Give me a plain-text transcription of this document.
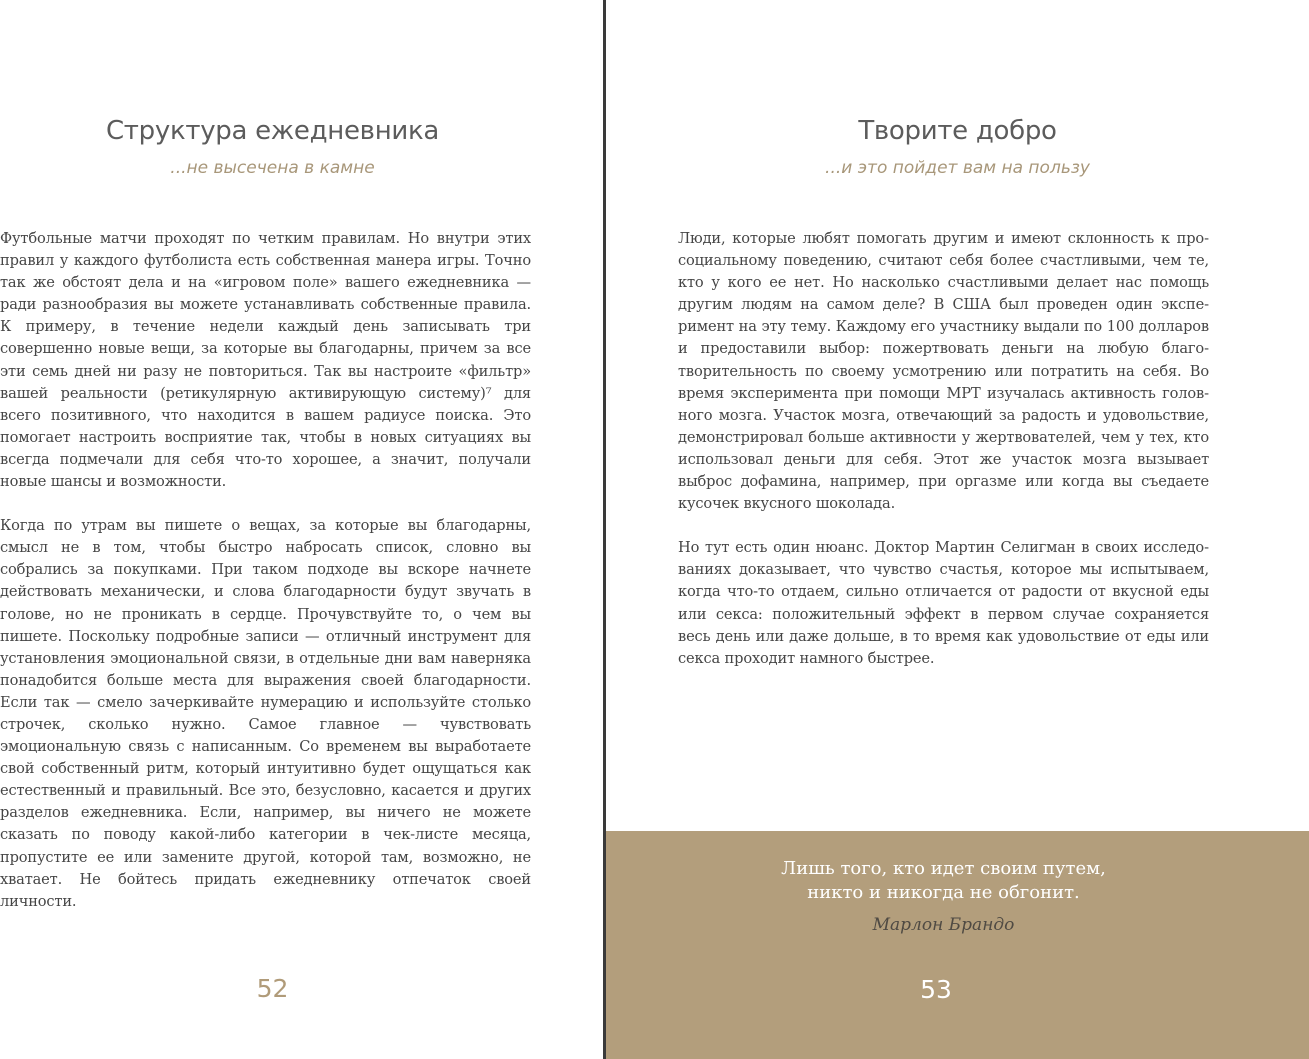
Структура ежедневника
...не высечена в камне

Футбольные матчи проходят по четким правилам. Но внутри этих правил у каждого футболиста есть собственная манера игры. Точно так же обстоят дела и на «игровом поле» вашего ежедневника — ради разнообразия вы можете устанавливать собственные правила. К примеру, в течение недели каждый день записывать три совершенно новые вещи, за которые вы благодарны, причем за все эти семь дней ни разу не повториться. Так вы настроите «фильтр» вашей реальности (ретикулярную активирующую систему)⁷ для всего позитивного, что находится в вашем радиусе поиска. Это помогает настроить восприятие так, чтобы в новых ситуациях вы всегда подмечали для себя что-то хорошее, а значит, получали новые шансы и возможности.

Когда по утрам вы пишете о вещах, за которые вы благодарны, смысл не в том, чтобы быстро набросать список, словно вы собрались за покупками. При таком подходе вы вскоре начнете действовать механически, и слова благодарности будут звучать в голове, но не проникать в сердце. Прочувствуйте то, о чем вы пишете. Поскольку подробные записи — отличный инструмент для установления эмоциональной связи, в отдельные дни вам наверняка понадобится больше места для выражения своей благодарности. Если так — смело зачеркивайте нумерацию и используйте столько строчек, сколько нужно. Самое главное — чувствовать эмоциональную связь с написанным. Со временем вы выработаете свой собственный ритм, который интуитивно будет ощущаться как естественный и правильный. Все это, безусловно, касается и других разделов ежедневника. Если, например, вы ничего не можете сказать по поводу какой-либо категории в чек-листе месяца, пропустите ее или замените другой, которой там, возможно, не хватает. Не бойтесь придать ежедневнику отпечаток своей личности.

52
Творите добро
...и это пойдет вам на пользу

Люди, которые любят помогать другим и имеют склонность к просоциальному поведению, считают себя более счастливыми, чем те, кто у кого ее нет. Но насколько счастливыми делает нас помощь другим людям на самом деле? В США был проведен один эксперимент на эту тему. Каждому его участнику выдали по 100 долларов и предоставили выбор: пожертвовать деньги на любую благотворительность по своему усмотрению или потратить на себя. Во время эксперимента при помощи МРТ изучалась активность головного мозга. Участок мозга, отвечающий за радость и удовольствие, демонстрировал больше активности у жертвователей, чем у тех, кто использовал деньги для себя. Этот же участок мозга вызывает выброс дофамина, например, при оргазме или когда вы съедаете кусочек вкусного шоколада.

Но тут есть один нюанс. Доктор Мартин Селигман в своих исследованиях доказывает, что чувство счастья, которое мы испытываем, когда что-то отдаем, сильно отличается от радости от вкусной еды или секса: положительный эффект в первом случае сохраняется весь день или даже дольше, в то время как удовольствие от еды или секса проходит намного быстрее.

Лишь того, кто идет своим путем,
никто и никогда не обгонит.
Марлон Брандо
53
